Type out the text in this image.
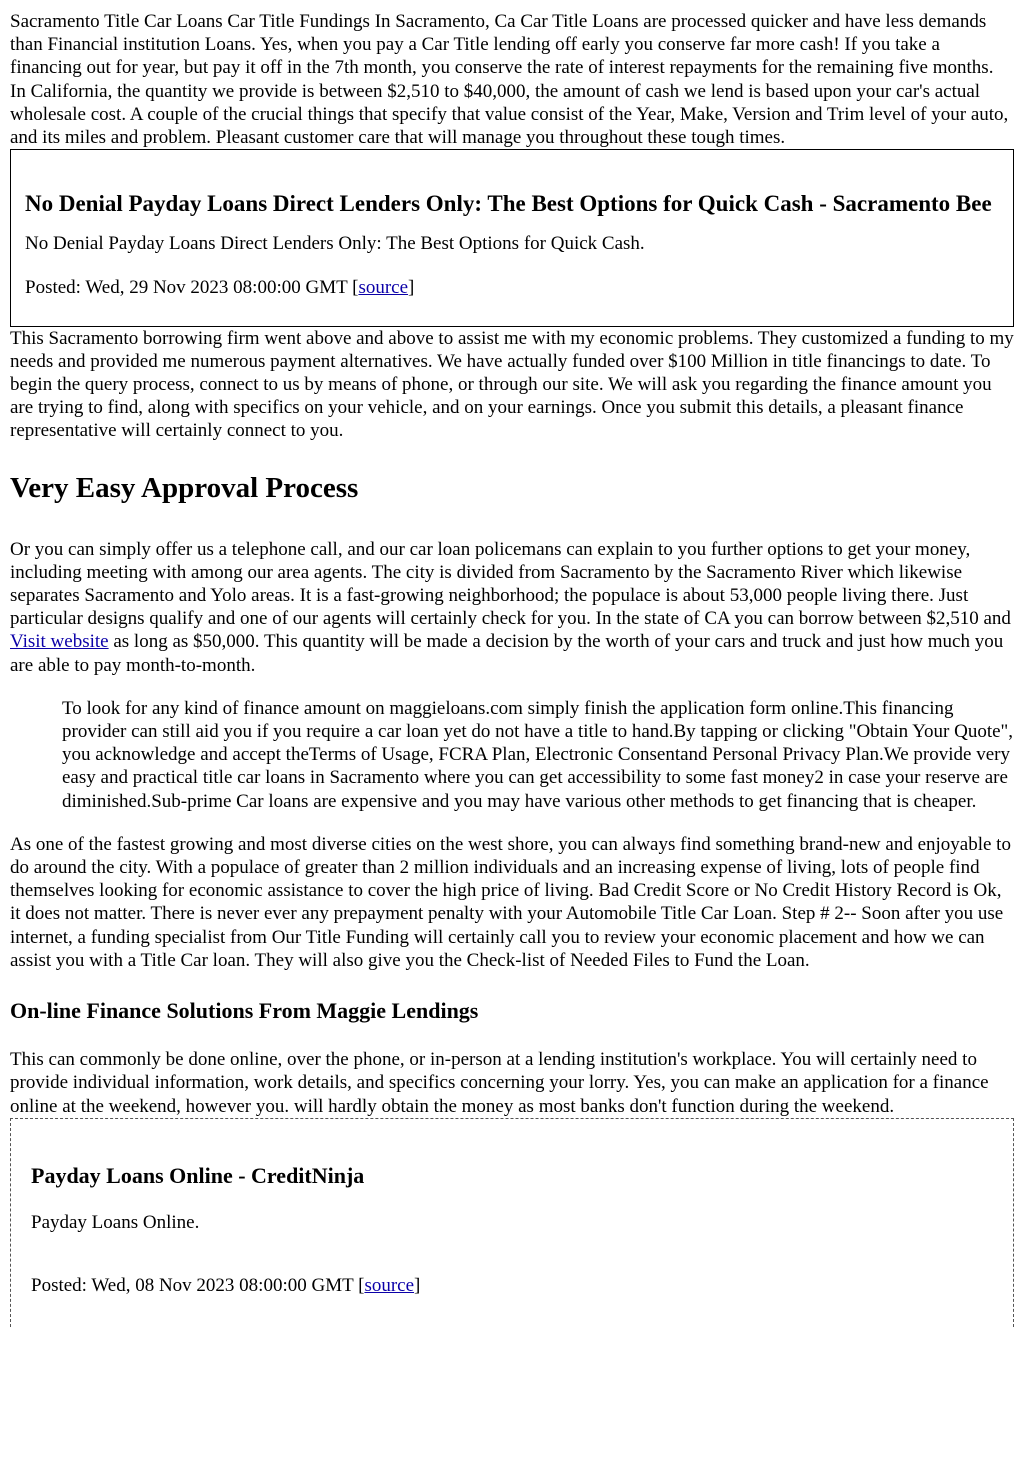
Sacramento Title Car Loans Car Title Fundings In Sacramento, Ca Car Title Loans are processed quicker and have less demands than Financial institution Loans. Yes, when you pay a Car Title lending off early you conserve far more cash! If you take a financing out for year, but pay it off in the 7th month, you conserve the rate of interest repayments for the remaining five months. In California, the quantity we provide is between $2,510 to $40,000, the amount of cash we lend is based upon your car's actual wholesale cost. A couple of the crucial things that specify that value consist of the Year, Make, Version and Trim level of your auto, and its miles and problem. Pleasant customer care that will manage you throughout these tough times.

No Denial Payday Loans Direct Lenders Only: The Best Options for Quick Cash - Sacramento Bee

No Denial Payday Loans Direct Lenders Only: The Best Options for Quick Cash.

Posted: Wed, 29 Nov 2023 08:00:00 GMT [source]

This Sacramento borrowing firm went above and above to assist me with my economic problems. They customized a funding to my needs and provided me numerous payment alternatives. We have actually funded over $100 Million in title financings to date. To begin the query process, connect to us by means of phone, or through our site. We will ask you regarding the finance amount you are trying to find, along with specifics on your vehicle, and on your earnings. Once you submit this details, a pleasant finance representative will certainly connect to you.

Very Easy Approval Process

Or you can simply offer us a telephone call, and our car loan policemans can explain to you further options to get your money, including meeting with among our area agents. The city is divided from Sacramento by the Sacramento River which likewise separates Sacramento and Yolo areas. It is a fast-growing neighborhood; the populace is about 53,000 people living there. Just particular designs qualify and one of our agents will certainly check for you. In the state of CA you can borrow between $2,510 and Visit website as long as $50,000. This quantity will be made a decision by the worth of your cars and truck and just how much you are able to pay month-to-month.

To look for any kind of finance amount on maggieloans.com simply finish the application form online.This financing provider can still aid you if you require a car loan yet do not have a title to hand.By tapping or clicking "Obtain Your Quote", you acknowledge and accept theTerms of Usage, FCRA Plan, Electronic Consentand Personal Privacy Plan.We provide very easy and practical title car loans in Sacramento where you can get accessibility to some fast money2 in case your reserve are diminished.Sub-prime Car loans are expensive and you may have various other methods to get financing that is cheaper.

As one of the fastest growing and most diverse cities on the west shore, you can always find something brand-new and enjoyable to do around the city. With a populace of greater than 2 million individuals and an increasing expense of living, lots of people find themselves looking for economic assistance to cover the high price of living. Bad Credit Score or No Credit History Record is Ok, it does not matter. There is never ever any prepayment penalty with your Automobile Title Car Loan. Step # 2-- Soon after you use internet, a funding specialist from Our Title Funding will certainly call you to review your economic placement and how we can assist you with a Title Car loan. They will also give you the Check-list of Needed Files to Fund the Loan.

On-line Finance Solutions From Maggie Lendings

This can commonly be done online, over the phone, or in-person at a lending institution's workplace. You will certainly need to provide individual information, work details, and specifics concerning your lorry. Yes, you can make an application for a finance online at the weekend, however you. will hardly obtain the money as most banks don't function during the weekend.

Payday Loans Online - CreditNinja

Payday Loans Online.

Posted: Wed, 08 Nov 2023 08:00:00 GMT [source]
